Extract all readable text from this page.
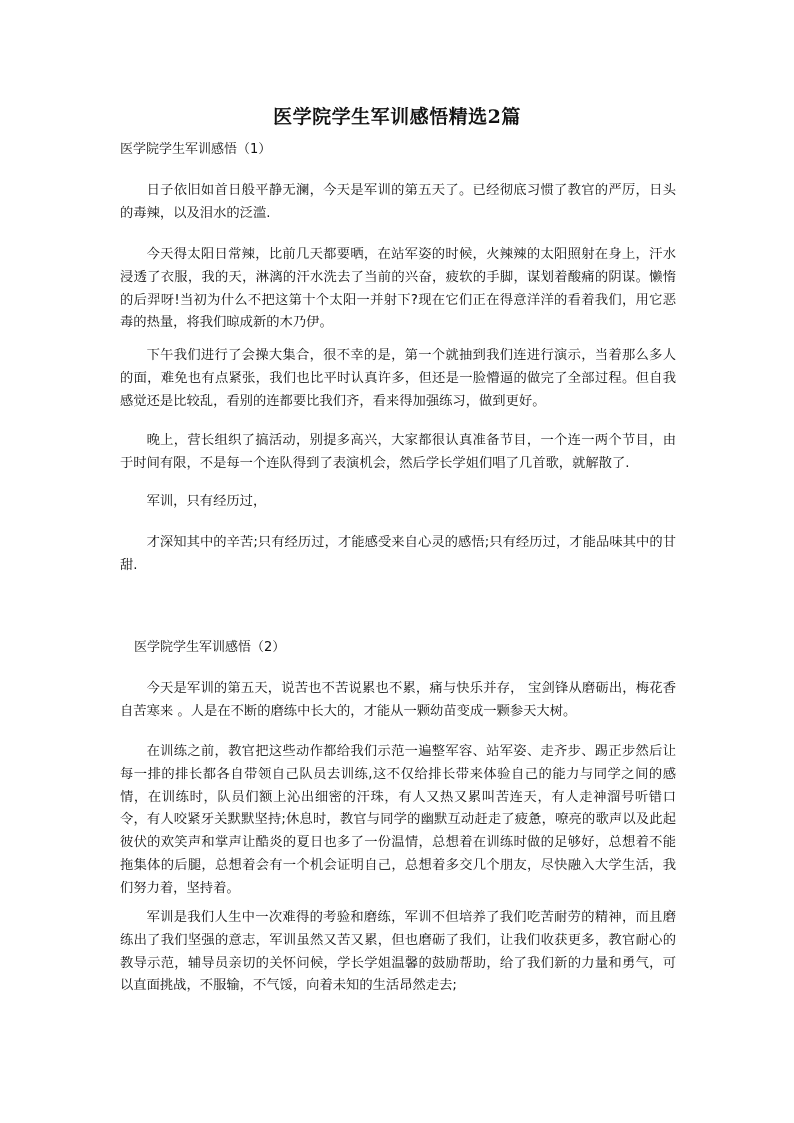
医学院学生军训感悟精选2篇

医学院学生军训感悟（1）

日子依旧如首日般平静无澜，今天是军训的第五天了。已经彻底习惯了教官的严厉，日头的毒辣，以及泪水的泛滥.

今天得太阳日常辣，比前几天都要晒，在站军姿的时候，火辣辣的太阳照射在身上，汗水浸透了衣服，我的天，淋漓的汗水洗去了当前的兴奋，疲软的手脚，谋划着酸痛的阴谋。懒惰的后羿呀!当初为什么不把这第十个太阳一并射下?现在它们正在得意洋洋的看着我们，用它恶毒的热量，将我们晾成新的木乃伊。

下午我们进行了会操大集合，很不幸的是，第一个就抽到我们连进行演示，当着那么多人的面，难免也有点紧张，我们也比平时认真许多，但还是一脸懵逼的做完了全部过程。但自我感觉还是比较乱，看别的连都要比我们齐，看来得加强练习，做到更好。

晚上，营长组织了搞活动，别提多高兴，大家都很认真准备节目，一个连一两个节目，由于时间有限，不是每一个连队得到了表演机会，然后学长学姐们唱了几首歌，就解散了.

军训，只有经历过，

才深知其中的辛苦;只有经历过，才能感受来自心灵的感悟;只有经历过，才能品味其中的甘甜.

医学院学生军训感悟（2）

今天是军训的第五天，说苦也不苦说累也不累，痛与快乐并存， 宝剑锋从磨砺出，梅花香自苦寒来 。人是在不断的磨练中长大的，才能从一颗幼苗变成一颗参天大树。

在训练之前，教官把这些动作都给我们示范一遍整军容、站军姿、走齐步、踢正步然后让每一排的排长都各自带领自己队员去训练,这不仅给排长带来体验自己的能力与同学之间的感情，在训练时，队员们额上沁出细密的汗珠，有人又热又累叫苦连天，有人走神溜号听错口令，有人咬紧牙关默默坚持;休息时，教官与同学的幽默互动赶走了疲惫，嘹亮的歌声以及此起彼伏的欢笑声和掌声让酷炎的夏日也多了一份温情，总想着在训练时做的足够好，总想着不能拖集体的后腿，总想着会有一个机会证明自己，总想着多交几个朋友，尽快融入大学生活，我们努力着，坚持着。

军训是我们人生中一次难得的考验和磨练，军训不但培养了我们吃苦耐劳的精神，而且磨练出了我们坚强的意志，军训虽然又苦又累，但也磨砺了我们，让我们收获更多，教官耐心的教导示范，辅导员亲切的关怀问候，学长学姐温馨的鼓励帮助，给了我们新的力量和勇气，可以直面挑战，不服输，不气馁，向着未知的生活昂然走去;
